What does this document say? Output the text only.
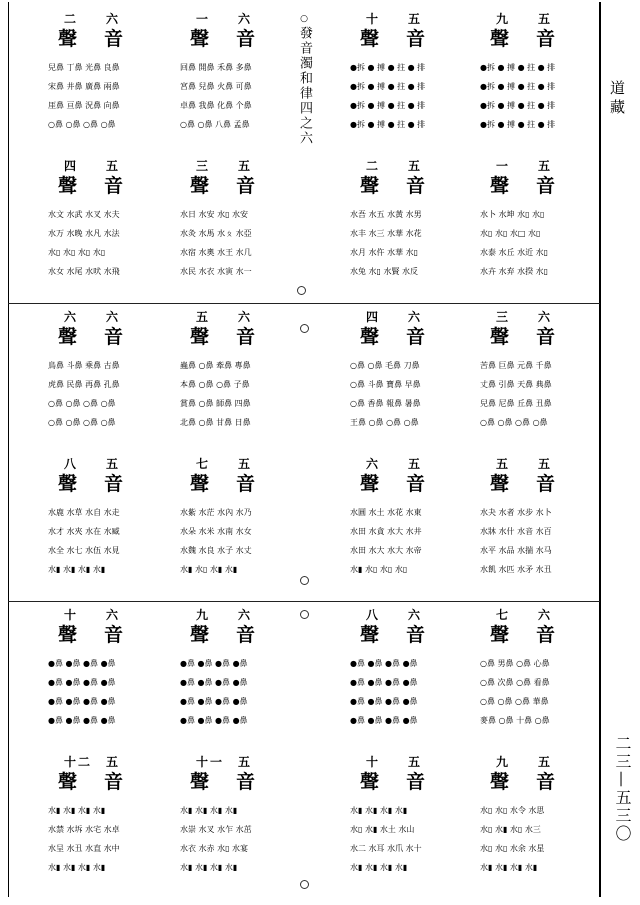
道藏
二三—五三〇
○發音濁和律四之六
九 五
聲 音
●拆 ● 搏 ● 拄 ● 排
●拆 ● 搏 ● 拄 ● 排
●拆 ● 搏 ● 拄 ● 排
●拆 ● 搏 ● 拄 ● 排
十 五
聲 音
●拆 ● 搏 ● 拄 ● 排
●拆 ● 搏 ● 拄 ● 排
●拆 ● 搏 ● 拄 ● 排
●拆 ● 搏 ● 拄 ● 排
一 六
聲 音
回鼻 開鼻 禾鼻 多鼻
宮鼻 兒鼻 火鼻 可鼻
卓鼻 我鼻 化鼻 个鼻
○鼻 ○鼻 八鼻 孟鼻
二 六
聲 音
兒鼻 丁鼻 光鼻 良鼻
宋鼻 井鼻 廣鼻 兩鼻
厓鼻 亘鼻 況鼻 向鼻
○鼻 ○鼻 ○鼻 ○鼻
一 五
聲 音
水卜 水坤 水▯ 水▯
水▯ 水▯ 水□ 水▯
水泰 水丘 水近 水▯
水卉 水弃 水揆 水▯
二 五
聲 音
水吾 水五 水黃 水男
水丰 水三 水華 水花
水月 水仵 水華 水▯
水兔 水▯ 水賢 水反
三 五
聲 音
水日 水安 水▯ 水安
水灸 水馬 水ㄆ 水亞
水宿 水奧 水王 水几
水民 水衣 水寅 水一
四 五
聲 音
水文 水武 水叉 水夫
水万 水晚 水凡 水法
水▯ 水▯ 水▯ 水▯
水女 水尾 水吠 水飛
三 六
聲 音
苦鼻 巨鼻 元鼻 千鼻
丈鼻 引鼻 天鼻 典鼻
兒鼻 尼鼻 丘鼻 丑鼻
○鼻 ○鼻 ○鼻 ○鼻
四 六
聲 音
○鼻 ○鼻 毛鼻 刀鼻
○鼻 斗鼻 寶鼻 早鼻
○鼻 香鼻 報鼻 暑鼻
王鼻 ○鼻 ○鼻 ○鼻
五 六
聲 音
蟲鼻 ○鼻 牽鼻 專鼻
本鼻 ○鼻 ○鼻 子鼻
賞鼻 ○鼻 師鼻 四鼻
北鼻 ○鼻 甘鼻 日鼻
六 六
聲 音
鳥鼻 斗鼻 乘鼻 古鼻
虎鼻 民鼻 再鼻 孔鼻
○鼻 ○鼻 ○鼻 ○鼻
○鼻 ○鼻 ○鼻 ○鼻
五 五
聲 音
水夬 水者 水步 水卜
水牀 水什 水音 水百
水平 水品 水揣 水马
水飢 水匹 水矛 水丑
六 五
聲 音
水圓 水土 水花 水東
水田 水貪 水大 水井
水田 水大 水大 水帝
水▮ 水▯ 水▯ 水▯
七 五
聲 音
水紫 水茫 水內 水乃
水朵 水米 水南 水女
水魏 水良 水子 水丈
水▮ 水▯ 水▮ 水▮
八 五
聲 音
水鹿 水草 水自 水走
水才 水夾 水在 水臧
水全 水七 水伍 水見
水▮ 水▮ 水▮ 水▮
七 六
聲 音
○鼻 男鼻 ○鼻 心鼻
○鼻 次鼻 ○鼻 看鼻
○鼻 ○鼻 ○鼻 華鼻
麥鼻 ○鼻 十鼻 ○鼻
八 六
聲 音
●鼻 ●鼻 ●鼻 ●鼻
●鼻 ●鼻 ●鼻 ●鼻
●鼻 ●鼻 ●鼻 ●鼻
●鼻 ●鼻 ●鼻 ●鼻
九 六
聲 音
●鼻 ●鼻 ●鼻 ●鼻
●鼻 ●鼻 ●鼻 ●鼻
●鼻 ●鼻 ●鼻 ●鼻
●鼻 ●鼻 ●鼻 ●鼻
十 六
聲 音
●鼻 ●鼻 ●鼻 ●鼻
●鼻 ●鼻 ●鼻 ●鼻
●鼻 ●鼻 ●鼻 ●鼻
●鼻 ●鼻 ●鼻 ●鼻
九 五
聲 音
水▯ 水▯ 水令 水思
水▯ 水▮ 水▯ 水三
水▯ 水▯ 水余 水星
水▮ 水▮ 水▮ 水▮
十 五
聲 音
水▮ 水▮ 水▮ 水▮
水▯ 水▮ 水土 水山
水二 水耳 水爪 水十
水▮ 水▮ 水▮ 水▮
十一 五
聲 音
水▮ 水▮ 水▮ 水▮
水崇 水叉 水乍 水茁
水衣 水赤 水▯ 水宴
水▮ 水▮ 水▮ 水▮
十二 五
聲 音
水▮ 水▮ 水▮ 水▮
水禁 水坼 水宅 水卓
水呈 水丑 水直 水中
水▮ 水▮ 水▮ 水▮
